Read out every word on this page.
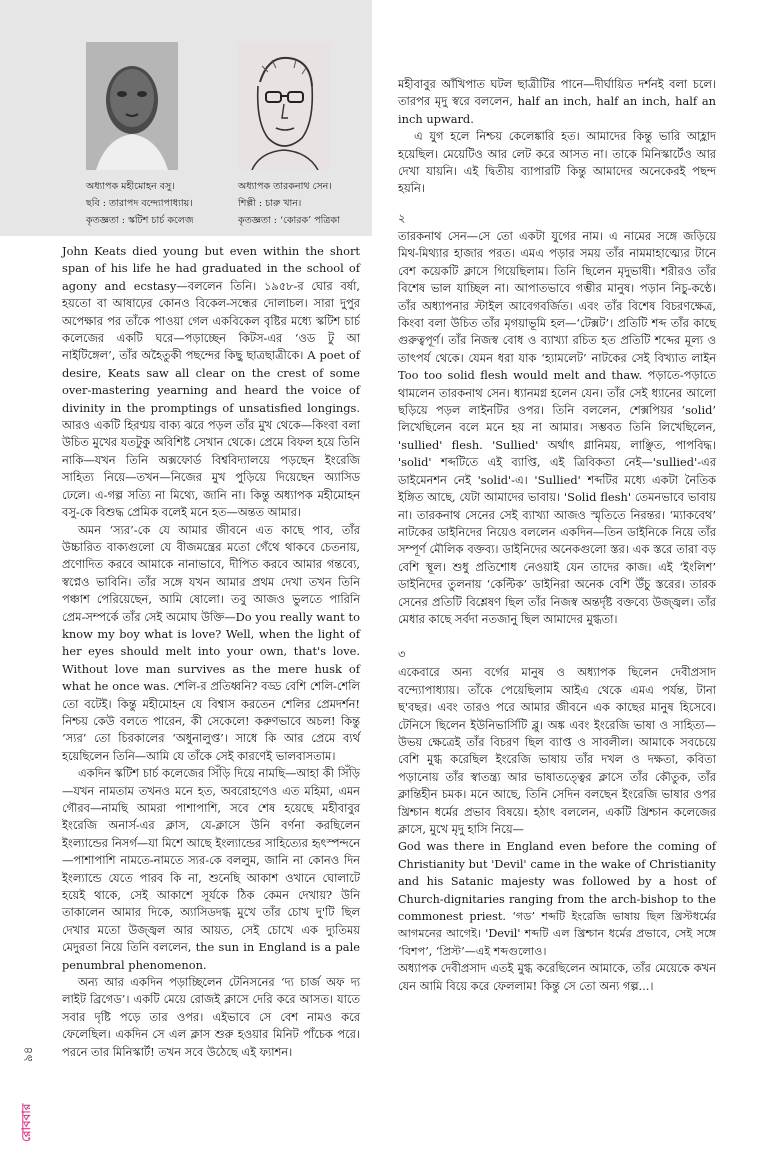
অধ্যাপক মহীমোহন বসু।
ছবি : তারাপদ বন্দ্যোপাধ্যায়।
কৃতজ্ঞতা : স্কটিশ চার্চ কলেজ
অধ্যাপক তারকনাথ সেন।
শিল্পী : চারু খান।
কৃতজ্ঞতা : ‘কোরক’ পত্রিকা

John Keats died young but even within the short span of his life he had graduated in the school of agony and ecstasy—বললেন তিনি। ১৯৫৮-র ঘোর বর্ষা, হয়তো বা আষাঢ়ের কোনও বিকেল-সন্ধের দোলাচল। সারা দুপুর অপেক্ষার পর তাঁকে পাওয়া গেল একবিকেল বৃষ্টির মধ্যে স্কটিশ চার্চ কলেজের একটি ঘরে—পড়াচ্ছেন কিটস-এর ‘ওড টু আ নাইটিঙ্গেল’, তাঁর অহৈতুকী পছন্দের কিছু ছাত্রছাত্রীকে। A poet of desire, Keats saw all clear on the crest of some over-mastering yearning and heard the voice of divinity in the promptings of unsatisfied longings. আরও একটি হিরণ্ময় বাক্য ঝরে পড়ল তাঁর মুখ থেকে—কিংবা বলা উচিত মুখের যতটুকু অবিশিষ্ট সেখান থেকে। প্রেমে বিফল হয়ে তিনি নাকি—যখন তিনি অক্সফোর্ড বিশ্ববিদ্যালয়ে পড়ছেন ইংরেজি সাহিত্য নিয়ে—তখন—নিজের মুখ পুড়িয়ে দিয়েছেন অ্যাসিড ঢেলে। এ-গল্প সত্যি না মিথ্যে, জানি না। কিন্তু অধ্যাপক মহীমোহন বসু-কে বিশুদ্ধ প্রেমিক বলেই মনে হত—অন্তত আমার।

অমন ‘স্যর’-কে যে আমার জীবনে এত কাছে পাব, তাঁর উচ্চারিত বাক্যগুলো যে বীজমন্ত্রের মতো গেঁথে থাকবে চেতনায়, প্রণোদিত করবে আমাকে নানাভাবে, দীপিত করবে আমার গন্তব্যে, স্বপ্নেও ভাবিনি। তাঁর সঙ্গে যখন আমার প্রথম দেখা তখন তিনি পঞ্চাশ পেরিয়েছেন, আমি ষোলো। তবু আজও ভুলতে পারিনি প্রেম-সম্পর্কে তাঁর সেই অমোঘ উক্তি—Do you really want to know my boy what is love? Well, when the light of her eyes should melt into your own, that's love. Without love man survives as the mere husk of what he once was. শেলি-র প্রতিধ্বনি? বড্ড বেশি শেলি-শেলি তো বটেই। কিন্তু মহীমোহন যে বিশ্বাস করতেন শেলির প্রেমদর্শন! নিশ্চয় কেউ বলতে পারেন, কী সেকেলে! করুণভাবে অচল! কিন্তু ‘স্যর’ তো চিরকালের ‘অধুনালুপ্ত’। সাধে কি আর প্রেমে ব্যর্থ হয়েছিলেন তিনি—আমি যে তাঁকে সেই কারণেই ভালবাসতাম।

একদিন স্কটিশ চার্চ কলেজের সিঁড়ি দিয়ে নামছি—আহা কী সিঁড়ি—যখন নামতাম তখনও মনে হত, অবরোহণেও এত মহিমা, এমন গৌরব—নামছি আমরা পাশাপাশি, সবে শেষ হয়েছে মহীবাবুর ইংরেজি অনার্স-এর ক্লাস, যে-ক্লাসে উনি বর্ণনা করছিলেন ইংল্যান্ডের নিসর্গ—যা মিশে আছে ইংল্যান্ডের সাহিত্যের হৃৎস্পন্দনে—পাশাপাশি নামতে-নামতে স্যর-কে বললুম, জানি না কোনও দিন ইংল্যান্ডে যেতে পারব কি না, শুনেছি আকাশ ওখানে ঘোলাটে হয়েই থাকে, সেই আকাশে সূর্যকে ঠিক কেমন দেখায়? উনি তাকালেন আমার দিকে, অ্যাসিডদগ্ধ মুখে তাঁর চোখ দু'টি ছিল দেখার মতো উজ্জ্বল আর আয়ত, সেই চোখে এক দ্যুতিময় মেদুরতা নিয়ে তিনি বললেন, the sun in England is a pale penumbral phenomenon.

অন্য আর একদিন পড়াচ্ছিলেন টেনিসনের ‘দ্য চার্জ অফ দ্য লাইট ব্রিগেড’। একটি মেয়ে রোজই ক্লাসে দেরি করে আসত। যাতে সবার দৃষ্টি পড়ে তার ওপর। এইভাবে সে বেশ নামও করে ফেলেছিল। একদিন সে এল ক্লাস শুরু হওয়ার মিনিট পাঁচেক পরে। পরনে তার মিনিস্কার্ট! তখন সবে উঠেছে এই ফ্যাশন।

মহীবাবুর আঁখিপাত ঘটল ছাত্রীটির পানে—দীর্ঘায়িত দর্শনই বলা চলে। তারপর মৃদু স্বরে বললেন, half an inch, half an inch, half an inch upward.

এ যুগ হলে নিশ্চয় কেলেঙ্কারি হত। আমাদের কিন্তু ভারি আহ্লাদ হয়েছিল। মেয়েটিও আর লেট করে আসত না। তাকে মিনিস্কার্টেও আর দেখা যায়নি। এই দ্বিতীয় ব্যাপারটি কিন্তু আমাদের অনেকেরই পছন্দ হয়নি।

২

তারকনাথ সেন—সে তো একটা যুগের নাম। এ নামের সঙ্গে জড়িয়ে মিথ-মিথ্যার হাজার পরত। এমএ পড়ার সময় তাঁর নামমাহাত্ম্যের টানে বেশ কয়েকটি ক্লাসে গিয়েছিলাম। তিনি ছিলেন মৃদুভাষী। শরীরও তাঁর বিশেষ ভাল যাচ্ছিল না। আপাতভাবে গম্ভীর মানুষ। পড়ান নিচু-কণ্ঠে। তাঁর অধ্যাপনার স্টাইল আবেগবর্জিত। এবং তাঁর বিশেষ বিচরণক্ষেত্র, কিংবা বলা উচিত তাঁর মৃগয়াভূমি হল—‘টেক্সট’। প্রতিটি শব্দ তাঁর কাছে গুরুত্বপূর্ণ। তাঁর নিজস্ব বোধ ও ব্যাখ্যা রচিত হত প্রতিটি শব্দের মূল্য ও তাৎপর্য থেকে। যেমন ধরা যাক ‘হ্যামলেট’ নাটকের সেই বিখ্যাত লাইন Too too solid flesh would melt and thaw. পড়াতে-পড়াতে থামলেন তারকনাথ সেন। ধ্যানমগ্ন হলেন যেন। তাঁর সেই ধ্যানের আলো ছড়িয়ে পড়ল লাইনটির ওপর। তিনি বললেন, শেক্সপিয়র ‘solid’ লিখেছিলেন বলে মনে হয় না আমার। সম্ভবত তিনি লিখেছিলেন, 'sullied' flesh. 'Sullied' অর্থাৎ গ্লানিময়, লাঞ্ছিত, পাপবিদ্ধ। 'solid' শব্দটিতে এই ব্যাপ্তি, এই ত্রিবিকতা নেই—'sullied'-এর ডাইমেনশন নেই 'solid'-এ। 'Sullied' শব্দটির মধ্যে একটা নৈতিক ইঙ্গিত আছে, যেটা আমাদের ভাবায়। 'Solid flesh' তেমনভাবে ভাবায় না। তারকনাথ সেনের সেই ব্যাখ্যা আজও স্মৃতিতে নিরন্তর। ‘ম্যাকবেথ’ নাটকের ডাইনিদের নিয়েও বললেন একদিন—তিন ডাইনিকে নিয়ে তাঁর সম্পূর্ণ মৌলিক বক্তব্য। ডাইনিদের অনেকগুলো স্তর। এক স্তরে তারা বড় বেশি স্থূল। শুধু প্রতিশোধ নেওয়াই যেন তাদের কাজ। এই ‘ইংলিশ’ ডাইনিদের তুলনায় ‘কেল্টিক’ ডাইনিরা অনেক বেশি উঁচু স্তরের। তারক সেনের প্রতিটি বিশ্লেষণ ছিল তাঁর নিজস্ব অন্তর্দৃষ্ট বক্তব্যে উজ্জ্বল। তাঁর মেধার কাছে সর্বদা নতজানু ছিল আমাদের মুগ্ধতা।

৩

একেবারে অন্য বর্গের মানুষ ও অধ্যাপক ছিলেন দেবীপ্রসাদ বন্দ্যোপাধ্যায়। তাঁকে পেয়েছিলাম আইএ থেকে এমএ পর্যন্ত, টানা ছ'বছর। এবং তারও পরে আমার জীবনে এক কাছের মানুষ হিসেবে। টেনিসে ছিলেন ইউনিভার্সিটি ব্লু। অঙ্ক এবং ইংরেজি ভাষা ও সাহিত্য—উভয় ক্ষেত্রেই তাঁর বিচরণ ছিল ব্যাপ্ত ও সাবলীল। আমাকে সবচেয়ে বেশি মুগ্ধ করেছিল ইংরেজি ভাষায় তাঁর দখল ও দক্ষতা, কবিতা পড়ানোয় তাঁর স্বাতন্ত্র্য আর ভাষাতত্ত্বের ক্লাসে তাঁর কৌতুক, তাঁর ক্লান্তিহীন চমক। মনে আছে, তিনি সেদিন বলছেন ইংরেজি ভাষার ওপর খ্রিশ্চান ধর্মের প্রভাব বিষয়ে। হঠাৎ বললেন, একটি খ্রিশ্চান কলেজের ক্লাসে, মুখে মৃদু হাসি নিয়ে—

God was there in England even before the coming of Christianity but 'Devil' came in the wake of Christianity and his Satanic majesty was followed by a host of Church-dignitaries ranging from the arch-bishop to the commonest priest. ‘গড’ শব্দটি ইংরেজি ভাষায় ছিল খ্রিস্টধর্মের আগমনের আগেই। 'Devil' শব্দটি এল খ্রিশ্চান ধর্মের প্রভাবে, সেই সঙ্গে ‘বিশপ’, ‘প্রিস্ট’—এই শব্দগুলোও।

অধ্যাপক দেবীপ্রসাদ এতই মুগ্ধ করেছিলেন আমাকে, তাঁর মেয়েকে কখন যেন আমি বিয়ে করে ফেললাম! কিন্তু সে তো অন্য গল্প...।

৯৪
রোববার
